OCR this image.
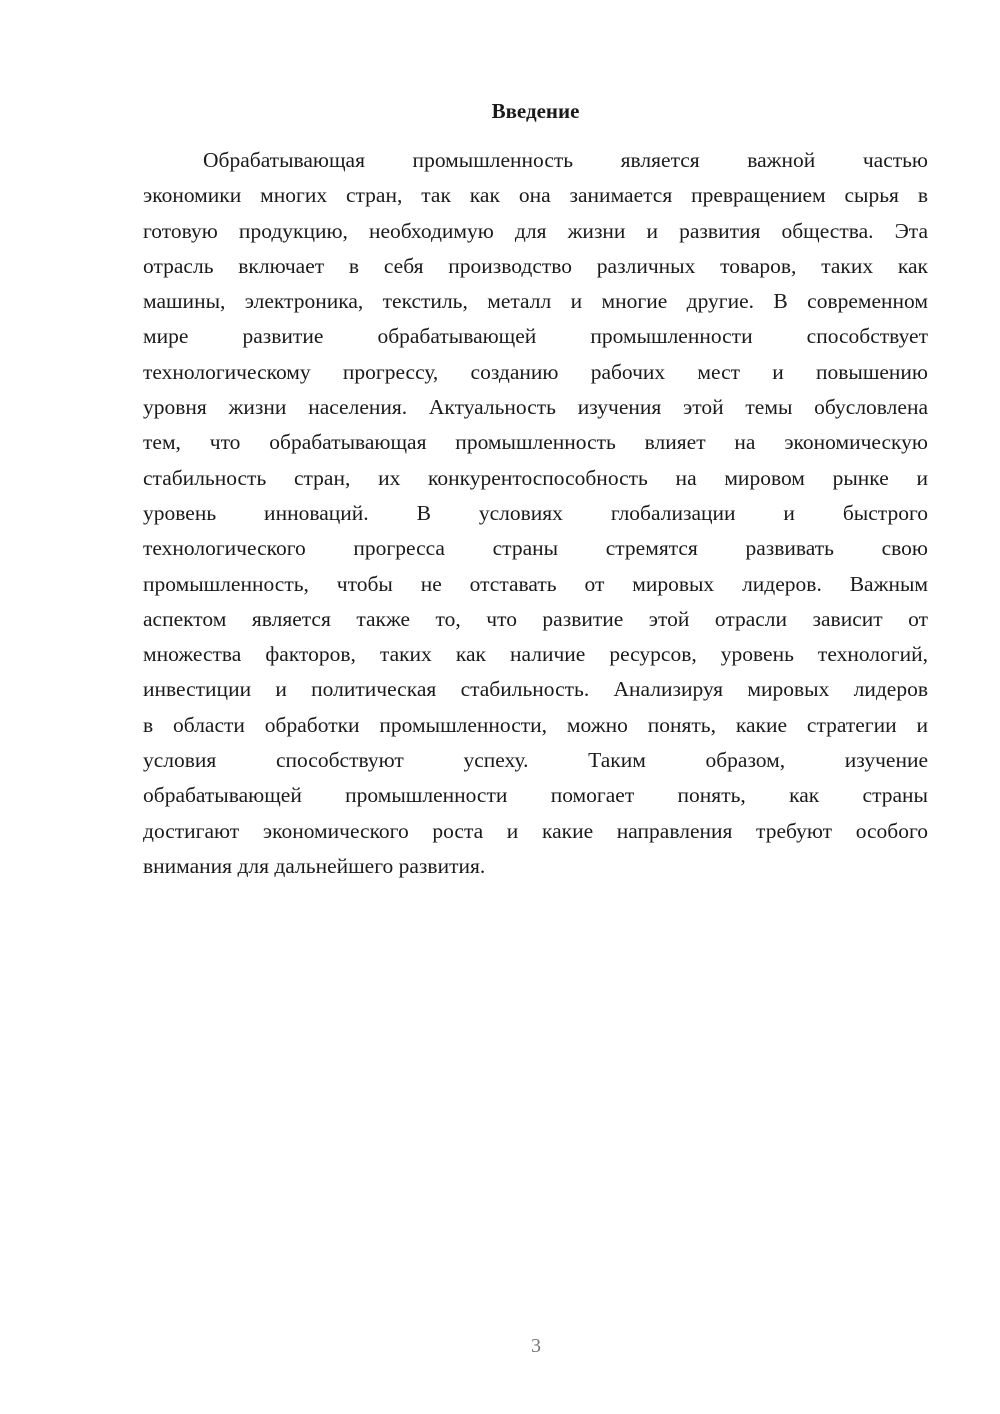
Введение
Обрабатывающая промышленность является важной частью
экономики многих стран, так как она занимается превращением сырья в
готовую продукцию, необходимую для жизни и развития общества. Эта
отрасль включает в себя производство различных товаров, таких как
машины, электроника, текстиль, металл и многие другие. В современном
мире развитие обрабатывающей промышленности способствует
технологическому прогрессу, созданию рабочих мест и повышению
уровня жизни населения. Актуальность изучения этой темы обусловлена
тем, что обрабатывающая промышленность влияет на экономическую
стабильность стран, их конкурентоспособность на мировом рынке и
уровень инноваций. В условиях глобализации и быстрого
технологического прогресса страны стремятся развивать свою
промышленность, чтобы не отставать от мировых лидеров. Важным
аспектом является также то, что развитие этой отрасли зависит от
множества факторов, таких как наличие ресурсов, уровень технологий,
инвестиции и политическая стабильность. Анализируя мировых лидеров
в области обработки промышленности, можно понять, какие стратегии и
условия способствуют успеху. Таким образом, изучение
обрабатывающей промышленности помогает понять, как страны
достигают экономического роста и какие направления требуют особого
внимания для дальнейшего развития.
3
